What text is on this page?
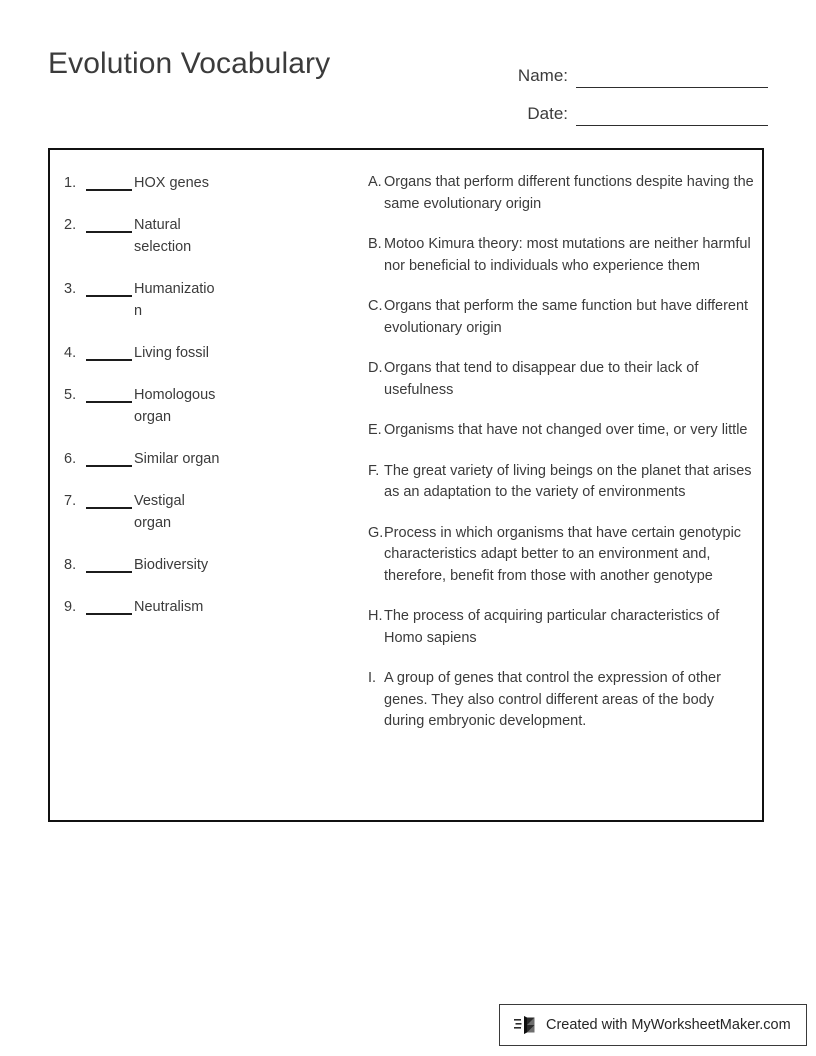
Evolution Vocabulary	Name:
Date:
1.	HOX genes
2.	Natural selection
3.	Humanization
4.	Living fossil
5.	Homologous organ
6.	Similar organ
7.	Vestigal organ
8.	Biodiversity
9.	Neutralism
A. Organs that perform different functions despite having the same evolutionary origin
B. Motoo Kimura theory: most mutations are neither harmful nor beneficial to individuals who experience them
C. Organs that perform the same function but have different evolutionary origin
D. Organs that tend to disappear due to their lack of usefulness
E. Organisms that have not changed over time, or very little
F. The great variety of living beings on the planet that arises as an adaptation to the variety of environments
G. Process in which organisms that have certain genotypic characteristics adapt better to an environment and, therefore, benefit from those with another genotype
H. The process of acquiring particular characteristics of Homo sapiens
I. A group of genes that control the expression of other genes. They also control different areas of the body during embryonic development.
Created with MyWorksheetMaker.com
